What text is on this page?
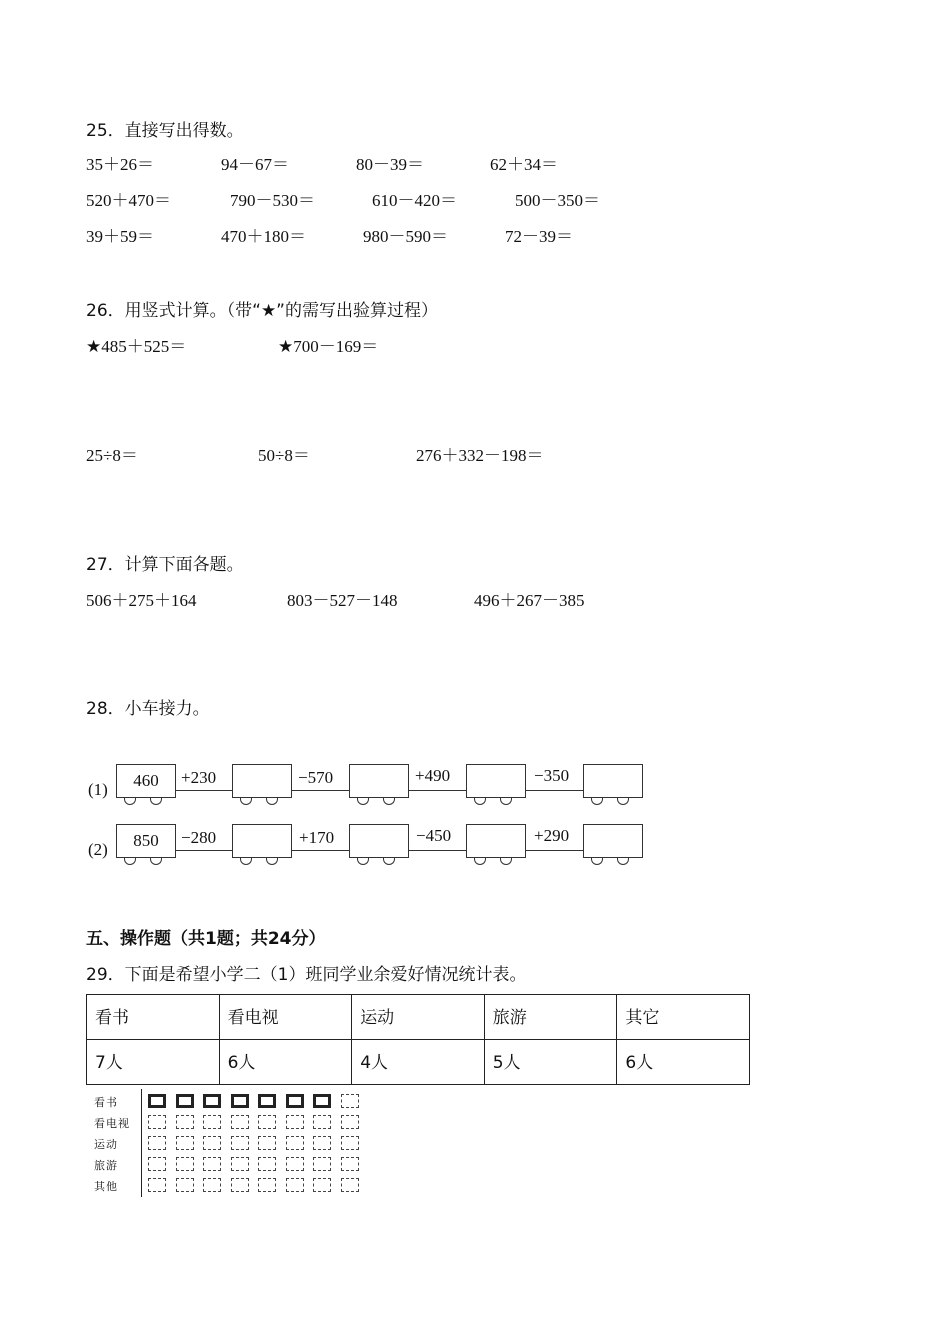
25．直接写出得数。
35＋26＝	94－67＝	80－39＝	62＋34＝
520＋470＝	790－530＝	610－420＝	500－350＝
39＋59＝	470＋180＝	980－590＝	72－39＝
26．用竖式计算。（带“★”的需写出验算过程）
★485＋525＝	★700－169＝
25÷8＝	50÷8＝	276＋332－198＝
27．计算下面各题。
506＋275＋164	803－527－148	496＋267－385
28．小车接力。
(1)	460	+230	−570	+490	−350
(2)	850	−280	+170	−450	+290
五、操作题（共1题；共24分）
29．下面是希望小学二（1）班同学业余爱好情况统计表。
看书	看电视	运动	旅游	其它
7人	6人	4人	5人	6人
看书
看电视
运动
旅游
其他
